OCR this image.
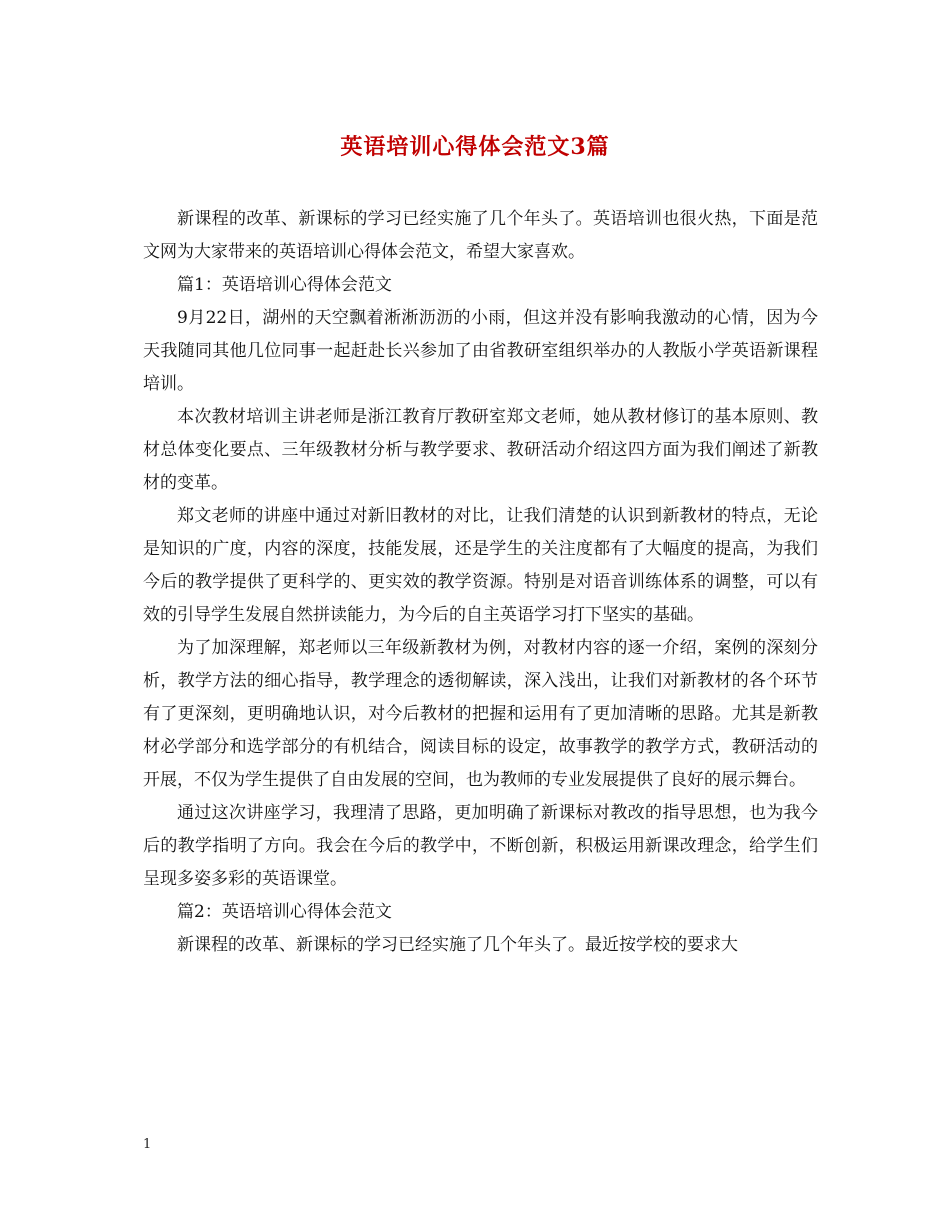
英语培训心得体会范文3篇

新课程的改革、新课标的学习已经实施了几个年头了。英语培训也很火热，下面是范文网为大家带来的英语培训心得体会范文，希望大家喜欢。

篇1：英语培训心得体会范文

9月22日，湖州的天空飘着淅淅沥沥的小雨，但这并没有影响我激动的心情，因为今天我随同其他几位同事一起赶赴长兴参加了由省教研室组织举办的人教版小学英语新课程培训。

本次教材培训主讲老师是浙江教育厅教研室郑文老师，她从教材修订的基本原则、教材总体变化要点、三年级教材分析与教学要求、教研活动介绍这四方面为我们阐述了新教材的变革。

郑文老师的讲座中通过对新旧教材的对比，让我们清楚的认识到新教材的特点，无论是知识的广度，内容的深度，技能发展，还是学生的关注度都有了大幅度的提高，为我们今后的教学提供了更科学的、更实效的教学资源。特别是对语音训练体系的调整，可以有效的引导学生发展自然拼读能力，为今后的自主英语学习打下坚实的基础。

为了加深理解，郑老师以三年级新教材为例，对教材内容的逐一介绍，案例的深刻分析，教学方法的细心指导，教学理念的透彻解读，深入浅出，让我们对新教材的各个环节有了更深刻，更明确地认识，对今后教材的把握和运用有了更加清晰的思路。尤其是新教材必学部分和选学部分的有机结合，阅读目标的设定，故事教学的教学方式，教研活动的开展，不仅为学生提供了自由发展的空间，也为教师的专业发展提供了良好的展示舞台。

通过这次讲座学习，我理清了思路，更加明确了新课标对教改的指导思想，也为我今后的教学指明了方向。我会在今后的教学中，不断创新，积极运用新课改理念，给学生们呈现多姿多彩的英语课堂。

篇2：英语培训心得体会范文

新课程的改革、新课标的学习已经实施了几个年头了。最近按学校的要求大

1
